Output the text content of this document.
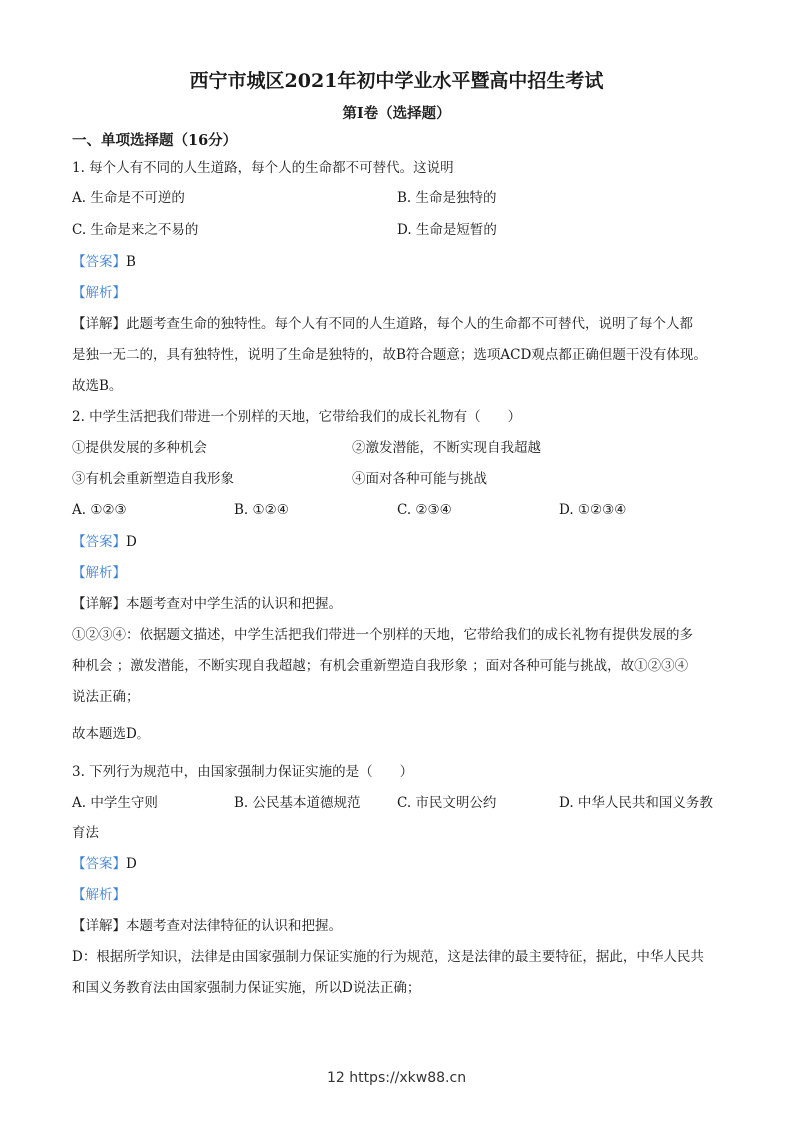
西宁市城区2021年初中学业水平暨高中招生考试
第I卷（选择题）
一、单项选择题（16分）
1. 每个人有不同的人生道路，每个人的生命都不可替代。这说明
A. 生命是不可逆的	B. 生命是独特的
C. 生命是来之不易的	D. 生命是短暂的
【答案】B
【解析】
【详解】此题考查生命的独特性。每个人有不同的人生道路，每个人的生命都不可替代，说明了每个人都
是独一无二的，具有独特性，说明了生命是独特的，故B符合题意；选项ACD观点都正确但题干没有体现。
故选B。
2. 中学生活把我们带进一个别样的天地，它带给我们的成长礼物有（　　）
①提供发展的多种机会	②激发潜能，不断实现自我超越
③有机会重新塑造自我形象	④面对各种可能与挑战
A. ①②③	B. ①②④	C. ②③④	D. ①②③④
【答案】D
【解析】
【详解】本题考查对中学生活的认识和把握。
①②③④：依据题文描述，中学生活把我们带进一个别样的天地，它带给我们的成长礼物有提供发展的多
种机会 ；激发潜能，不断实现自我超越；有机会重新塑造自我形象 ；面对各种可能与挑战，故①②③④
说法正确；
故本题选D。
3. 下列行为规范中，由国家强制力保证实施的是（　　）
A. 中学生守则	B. 公民基本道德规范	C. 市民文明公约	D. 中华人民共和国义务教
育法
【答案】D
【解析】
【详解】本题考查对法律特征的认识和把握。
D：根据所学知识，法律是由国家强制力保证实施的行为规范，这是法律的最主要特征，据此，中华人民共
和国义务教育法由国家强制力保证实施，所以D说法正确；
12 https://xkw88.cn
